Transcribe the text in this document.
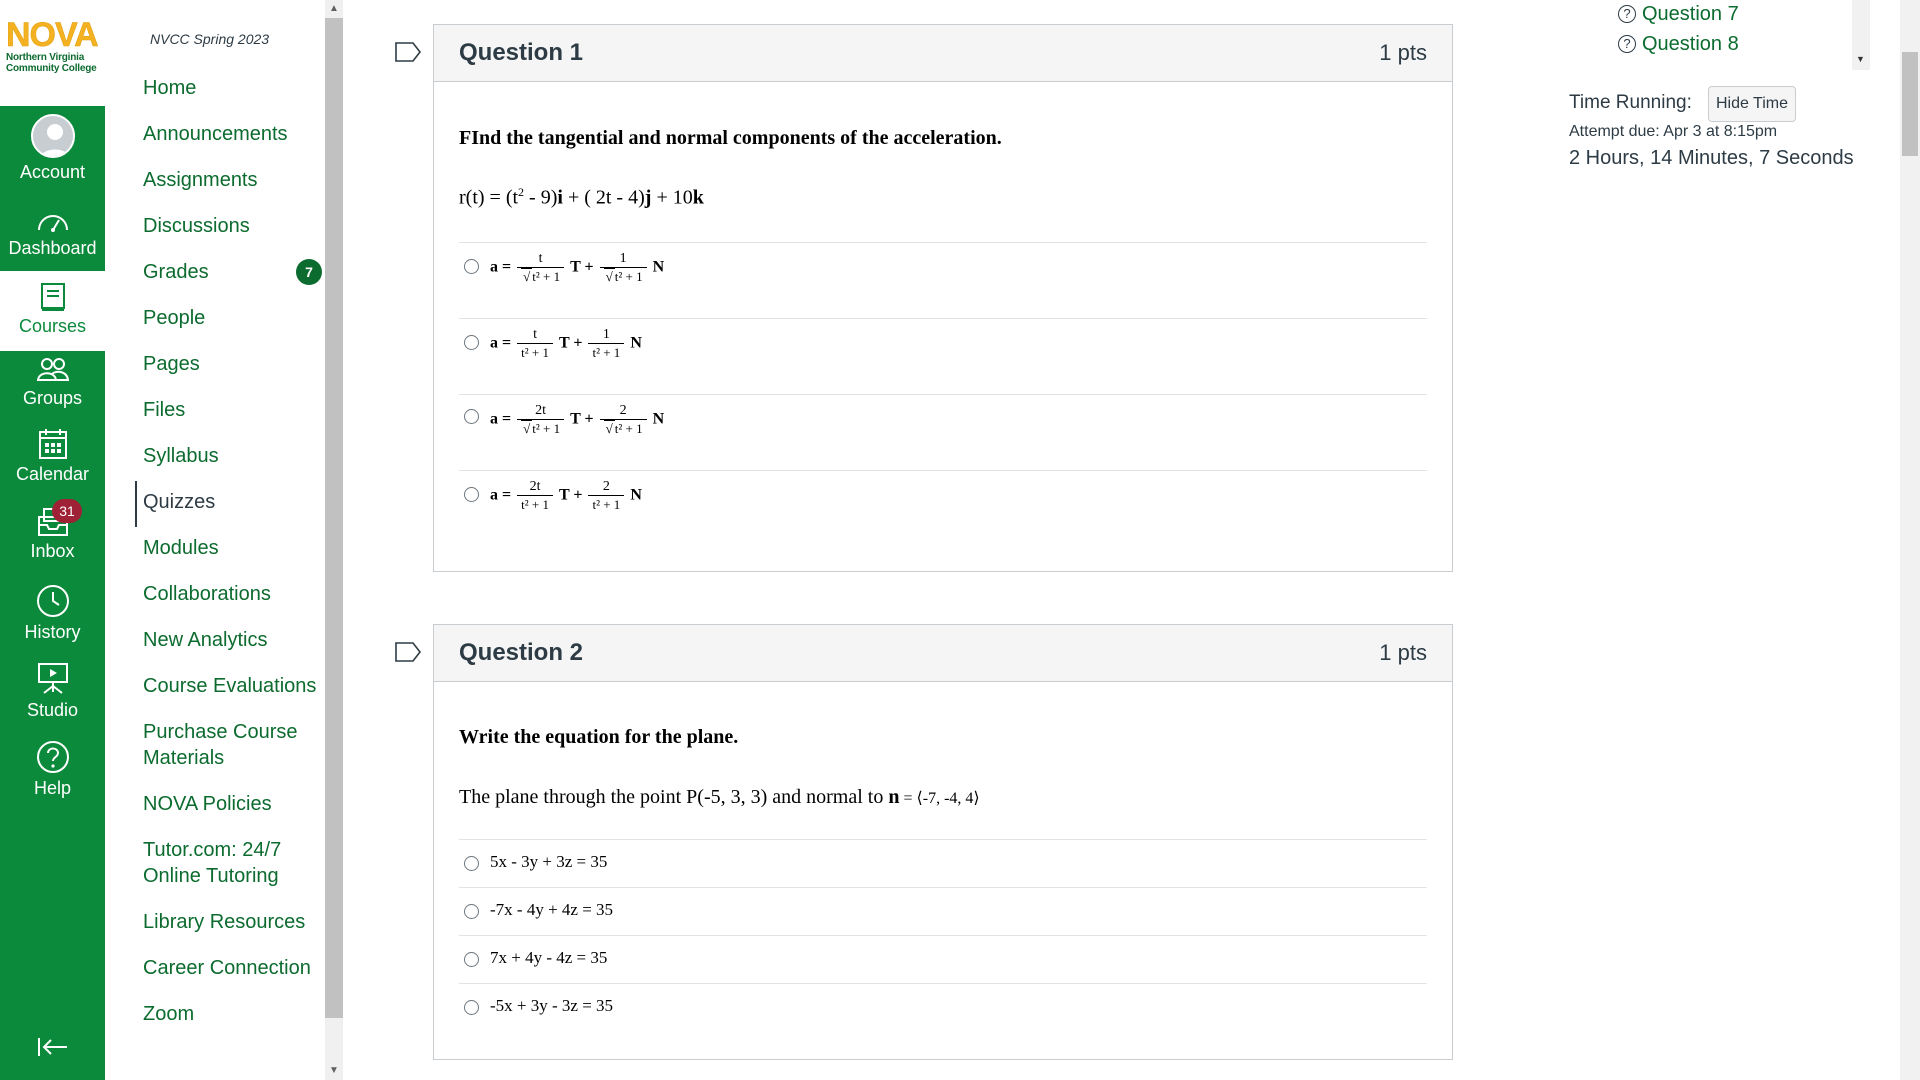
NOVA
Northern Virginia
Community College
Account
Dashboard
Courses
Groups
Calendar
Inbox
31
History
Studio
Help
NVCC Spring 2023
Home
Announcements
Assignments
Discussions
Grades	7
People
Pages
Files
Syllabus
Quizzes
Modules
Collaborations
New Analytics
Course Evaluations
Purchase Course Materials
NOVA Policies
Tutor.com: 24/7 Online Tutoring
Library Resources
Career Connection
Zoom
▲
▼
Question 1	1 pts
FInd the tangential and normal components of the acceleration.
$r(t) = (t^2 - 9)i$ + ( 2t - 4)j + 10k
$a = \frac{t}{\text{√ t² + 1}}$ $T + \frac{1}{\text{√ t² + 1}}$ N
$a = \frac{t}{\text{t² + 1}}$ $T + \frac{1}{\text{t² + 1}}$ N
$a = \frac{2t}{\text{√ t² + 1}}$ $T + \frac{2}{\text{√ t² + 1}}$ N
$a = \frac{2t}{\text{t² + 1}}$ $T + \frac{2}{\text{t² + 1}}$ N
Question 2	1 pts
Write the equation for the plane.
The plane through the point P(-5, 3, 3) and normal to n = ⟨-7, -4, 4⟩
5x - 3y + 3z = 35
-7x - 4y + 4z = 35
7x + 4y - 4z = 35
-5x + 3y - 3z = 35
? Question 7
? Question 8
▼
Time Running:	Hide Time
Attempt due: Apr 3 at 8:15pm
2 Hours, 14 Minutes, 7 Seconds
